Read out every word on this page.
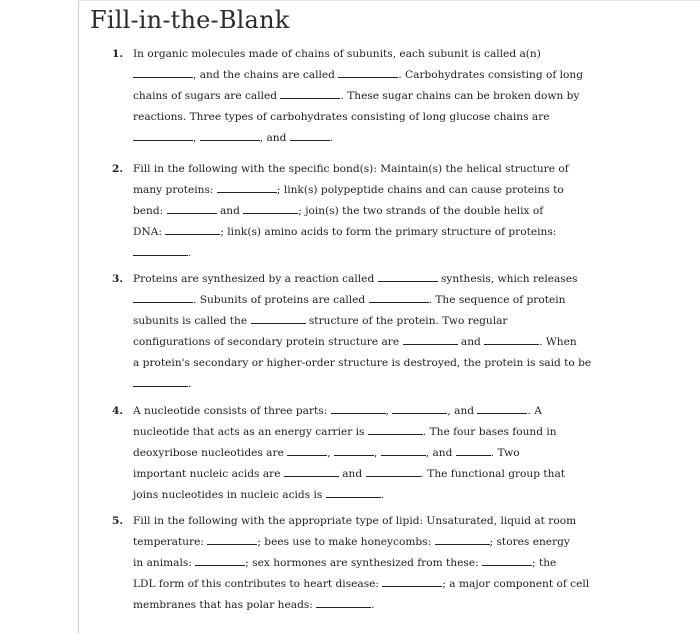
Fill-in-the-Blank
1. In organic molecules made of chains of subunits, each subunit is called a(n)
, and the chains are called	. Carbohydrates consisting of long
chains of sugars are called	. These sugar chains can be broken down by
reactions. Three types of carbohydrates consisting of long glucose chains are
,	, and	.
2. Fill in the following with the specific bond(s): Maintain(s) the helical structure of
many proteins:	; link(s) polypeptide chains and can cause proteins to
bend:	and	; join(s) the two strands of the double helix of
DNA:	; link(s) amino acids to form the primary structure of proteins:
.
3. Proteins are synthesized by a reaction called	synthesis, which releases
. Subunits of proteins are called	. The sequence of protein
subunits is called the	structure of the protein. Two regular
configurations of secondary protein structure are	and	. When
a protein's secondary or higher-order structure is destroyed, the protein is said to be
.
4. A nucleotide consists of three parts:	,	, and	. A
nucleotide that acts as an energy carrier is	. The four bases found in
deoxyribose nucleotides are	,	,	, and	. Two
important nucleic acids are	and	. The functional group that
joins nucleotides in nucleic acids is	.
5. Fill in the following with the appropriate type of lipid: Unsaturated, liquid at room
temperature:	; bees use to make honeycombs:	; stores energy
in animals:	; sex hormones are synthesized from these:	; the
LDL form of this contributes to heart disease:	; a major component of cell
membranes that has polar heads:	.
